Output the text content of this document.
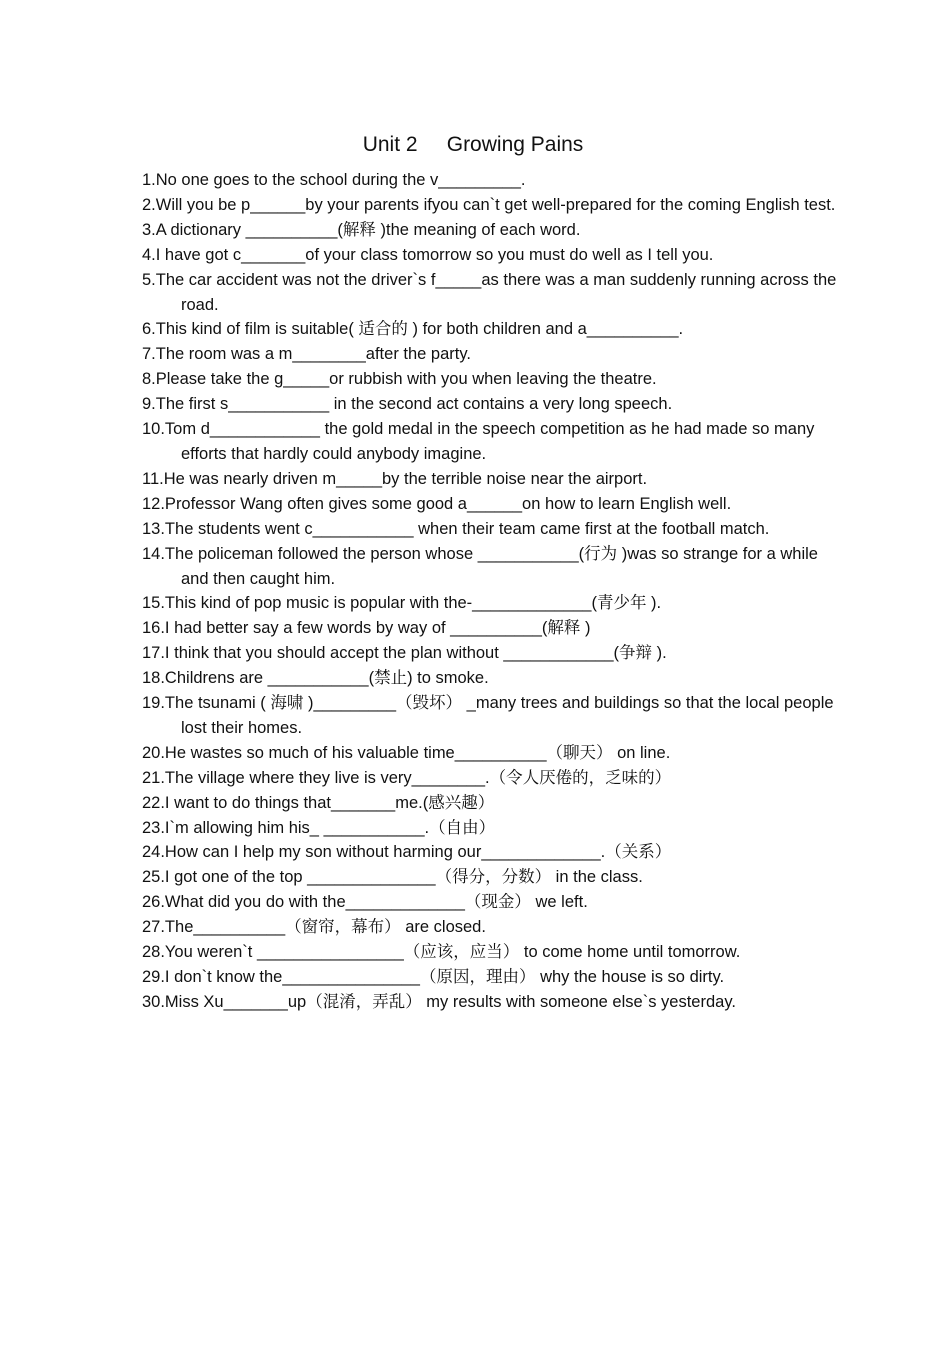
Unit 2     Growing Pains
1.No one goes to the school during the v_________.
2.Will you be p______by your parents ifyou can`t get well-prepared for the coming English test.
3.A dictionary __________(解释 )the meaning of each word.
4.I have got c_______of your class tomorrow so you must do well as I tell you.
5.The car accident was not the driver`s f_____as there was a man suddenly running across the road.
6.This kind of film is suitable( 适合的 ) for both children and a__________.
7.The room was a m________after the party.
8.Please take the g_____or rubbish with you when leaving the theatre.
9.The first s___________ in the second act contains a very long speech.
10.Tom d____________ the gold medal in the speech competition as he had made so many efforts that hardly could anybody imagine.
11.He was nearly driven m_____by the terrible noise near the airport.
12.Professor Wang often gives some good a______on how to learn English well.
13.The students went c___________ when their team came first at the football match.
14.The policeman followed the person whose ___________(行为 )was so strange for a while and then caught him.
15.This kind of pop music is popular with the-_____________(青少年 ).
16.I had better say a few words by way of __________(解释 )
17.I think that you should accept the plan without ____________(争辩 ).
18.Childrens are ___________(禁止) to smoke.
19.The tsunami ( 海啸 )_________（毁坏） _many trees and buildings so that the local people lost their homes.
20.He wastes so much of his valuable time__________（聊天） on line.
21.The village where they live is very________.（令人厌倦的，乏味的）
22.I want to do things that_______me.(感兴趣）
23.I`m allowing him his_ ___________.（自由）
24.How can I help my son without harming our_____________.（关系）
25.I got one of the top ______________（得分，分数） in the class.
26.What did you do with the_____________（现金） we left.
27.The__________（窗帘，幕布） are closed.
28.You weren`t ________________（应该，应当） to come home until tomorrow.
29.I don`t know the_______________（原因，理由） why the house is so dirty.
30.Miss Xu_______up（混淆，弄乱） my results with someone else`s yesterday.
